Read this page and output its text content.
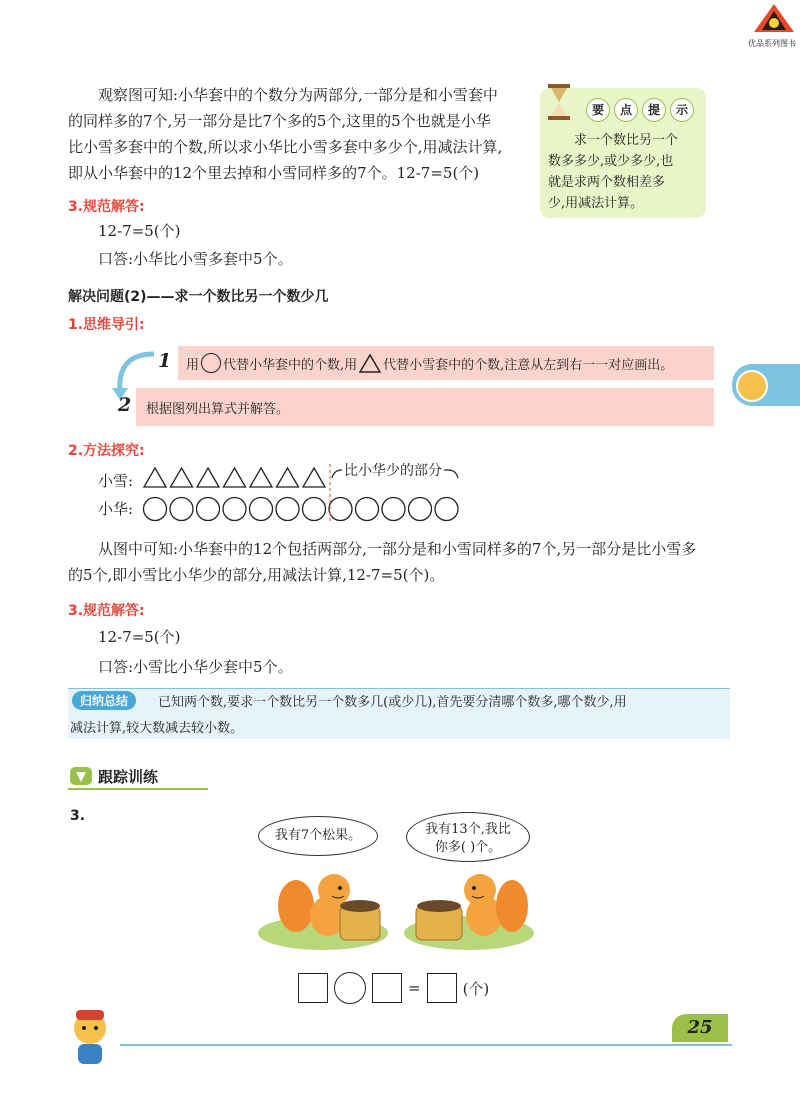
优品系列图书
观察图可知:小华套中的个数分为两部分,一部分是和小雪套中
的同样多的7个,另一部分是比7个多的5个,这里的5个也就是小华
比小雪多套中的个数,所以求小华比小雪多套中多少个,用减法计算,
即从小华套中的12个里去掉和小雪同样多的7个。12-7=5(个)
要	点	提	示
求一个数比另一个
数多多少,或少多少,也
就是求两个数相差多
少,用减法计算。
3.规范解答:
12-7=5(个)
口答:小华比小雪多套中5个。
解决问题(2)——求一个数比另一个数少几
1.思维导引:
1 用 代替小华套中的个数,用 代替小雪套中的个数,注意从左到右一一对应画出。
2 根据图列出算式并解答。
2.方法探究:
小雪:
小华:
比小华少的部分
从图中可知:小华套中的12个包括两部分,一部分是和小雪同样多的7个,另一部分是比小雪多
的5个,即小雪比小华少的部分,用减法计算,12-7=5(个)。
3.规范解答:
12-7=5(个)
口答:小雪比小华少套中5个。
归纳总结	已知两个数,要求一个数比另一个数多几(或少几),首先要分清哪个数多,哪个数少,用
减法计算,较大数减去较小数。
跟踪训练
3.
我有7个松果。	我有13个,我比
你多( )个。
=	(个)
25
